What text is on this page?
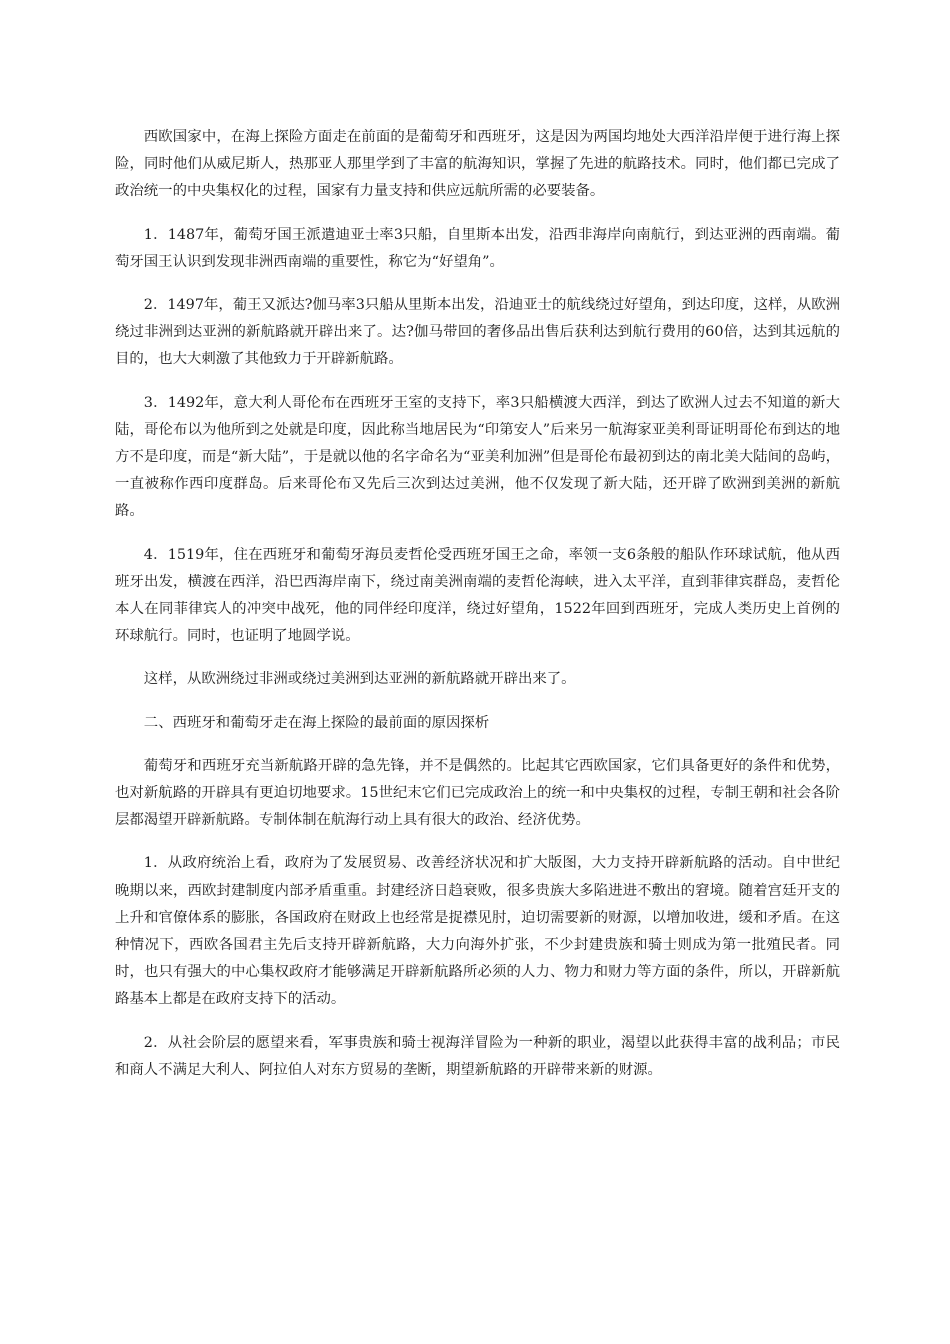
西欧国家中，在海上探险方面走在前面的是葡萄牙和西班牙，这是因为两国均地处大西洋沿岸便于进行海上探险，同时他们从威尼斯人，热那亚人那里学到了丰富的航海知识，掌握了先进的航路技术。同时，他们都已完成了政治统一的中央集权化的过程，国家有力量支持和供应远航所需的必要装备。

1．1487年，葡萄牙国王派遣迪亚士率3只船，自里斯本出发，沿西非海岸向南航行，到达亚洲的西南端。葡萄牙国王认识到发现非洲西南端的重要性，称它为“好望角”。

2．1497年，葡王又派达?伽马率3只船从里斯本出发，沿迪亚士的航线绕过好望角，到达印度，这样，从欧洲绕过非洲到达亚洲的新航路就开辟出来了。达?伽马带回的奢侈品出售后获利达到航行费用的60倍，达到其远航的目的，也大大刺激了其他致力于开辟新航路。

3．1492年，意大利人哥伦布在西班牙王室的支持下，率3只船横渡大西洋，到达了欧洲人过去不知道的新大陆，哥伦布以为他所到之处就是印度，因此称当地居民为“印第安人”后来另一航海家亚美利哥证明哥伦布到达的地方不是印度，而是“新大陆”，于是就以他的名字命名为“亚美利加洲”但是哥伦布最初到达的南北美大陆间的岛屿，一直被称作西印度群岛。后来哥伦布又先后三次到达过美洲，他不仅发现了新大陆，还开辟了欧洲到美洲的新航路。

4．1519年，住在西班牙和葡萄牙海员麦哲伦受西班牙国王之命，率领一支6条般的船队作环球试航，他从西班牙出发，横渡在西洋，沿巴西海岸南下，绕过南美洲南端的麦哲伦海峡，进入太平洋，直到菲律宾群岛，麦哲伦本人在同菲律宾人的冲突中战死，他的同伴经印度洋，绕过好望角，1522年回到西班牙，完成人类历史上首例的环球航行。同时，也证明了地圆学说。

这样，从欧洲绕过非洲或绕过美洲到达亚洲的新航路就开辟出来了。

二、西班牙和葡萄牙走在海上探险的最前面的原因探析

葡萄牙和西班牙充当新航路开辟的急先锋，并不是偶然的。比起其它西欧国家，它们具备更好的条件和优势，也对新航路的开辟具有更迫切地要求。15世纪末它们已完成政治上的统一和中央集权的过程，专制王朝和社会各阶层都渴望开辟新航路。专制体制在航海行动上具有很大的政治、经济优势。

1．从政府统治上看，政府为了发展贸易、改善经济状况和扩大版图，大力支持开辟新航路的活动。自中世纪晚期以来，西欧封建制度内部矛盾重重。封建经济日趋衰败，很多贵族大多陷进进不敷出的窘境。随着宫廷开支的上升和官僚体系的膨胀，各国政府在财政上也经常是捉襟见肘，迫切需要新的财源，以增加收进，缓和矛盾。在这种情况下，西欧各国君主先后支持开辟新航路，大力向海外扩张，不少封建贵族和骑士则成为第一批殖民者。同时，也只有强大的中心集权政府才能够满足开辟新航路所必须的人力、物力和财力等方面的条件，所以，开辟新航路基本上都是在政府支持下的活动。

2．从社会阶层的愿望来看，军事贵族和骑士视海洋冒险为一种新的职业，渴望以此获得丰富的战利品；市民和商人不满足大利人、阿拉伯人对东方贸易的垄断，期望新航路的开辟带来新的财源。
